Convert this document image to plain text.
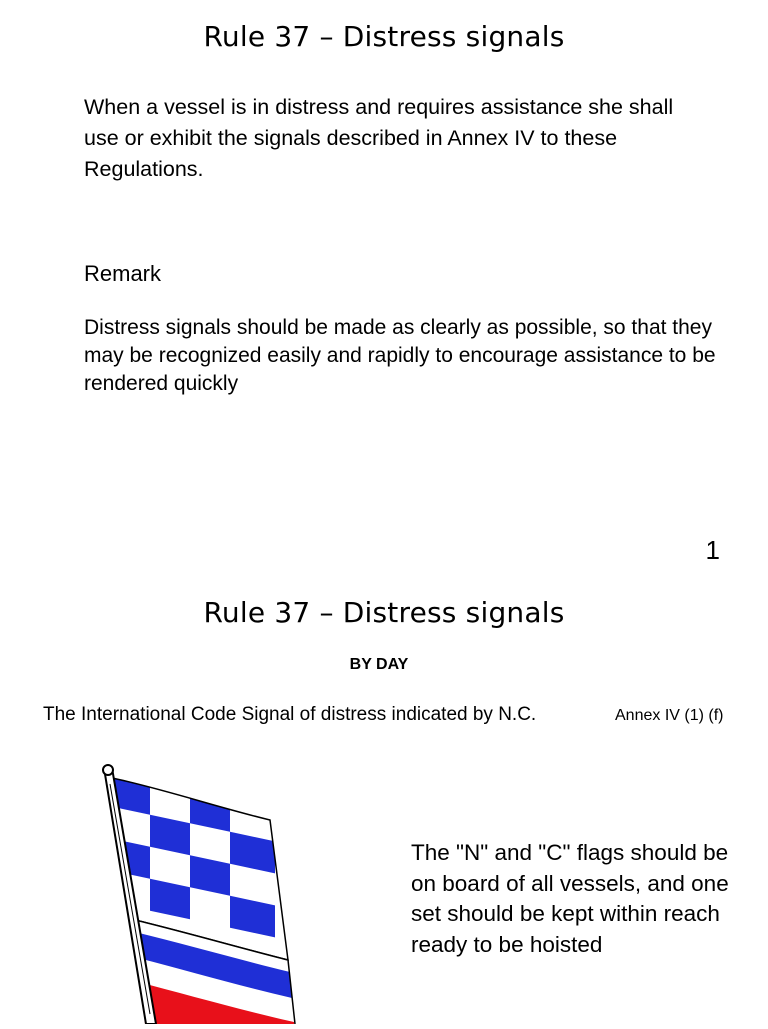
Rule 37 – Distress signals

When a vessel is in distress and requires assistance she shall use or exhibit the signals described in Annex IV to these Regulations.

Remark

Distress signals should be made as clearly as possible, so that they may be recognized easily and rapidly to encourage assistance to be rendered quickly

1
Rule 37 – Distress signals
BY DAY
The International Code Signal of distress indicated by N.C.	Annex IV (1) (f)
The "N" and "C" flags should be on board of all vessels, and one set should be kept within reach ready to be hoisted
